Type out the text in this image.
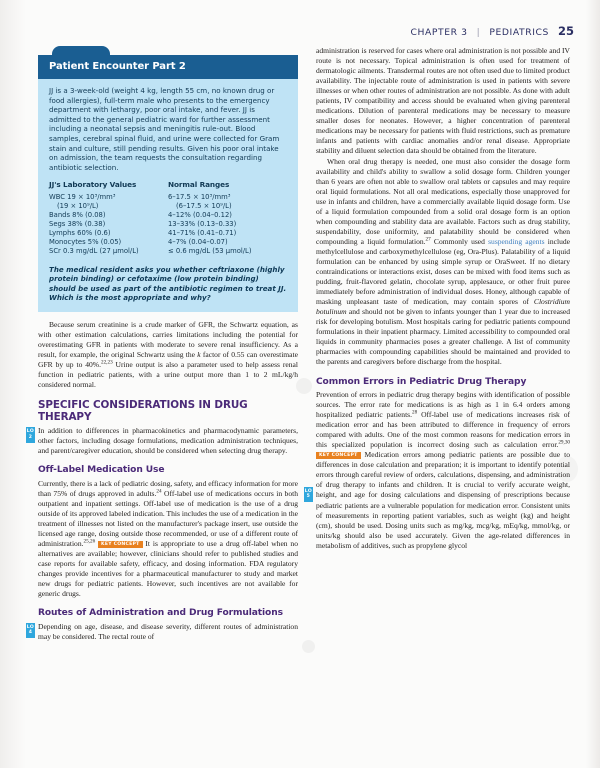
CHAPTER 3 | PEDIATRICS 25
Patient Encounter Part 2

JJ is a 3-week-old (weight 4 kg, length 55 cm, no known drug or food allergies), full-term male who presents to the emergency department with lethargy, poor oral intake, and fever. JJ is admitted to the general pediatric ward for further assessment including a neonatal sepsis and meningitis rule-out. Blood samples, cerebral spinal fluid, and urine were collected for Gram stain and culture, still pending results. Given his poor oral intake on admission, the team requests the consultation regarding antibiotic selection.

JJ's Laboratory Values
WBC 19 × 10³/mm³
(19 × 10⁹/L)
Bands 8% (0.08)
Segs 38% (0.38)
Lymphs 60% (0.6)
Monocytes 5% (0.05)
SCr 0.3 mg/dL (27 µmol/L)
Normal Ranges
6–17.5 × 10³/mm³
(6–17.5 × 10⁹/L)
4–12% (0.04–0.12)
13–33% (0.13–0.33)
41–71% (0.41–0.71)
4–7% (0.04–0.07)
≤ 0.6 mg/dL (53 µmol/L)
The medical resident asks you whether ceftriaxone (highly protein binding) or cefotaxime (low protein binding) should be used as part of the antibiotic regimen to treat JJ. Which is the most appropriate and why?

Because serum creatinine is a crude marker of GFR, the Schwartz equation, as with other estimation calculations, carries limitations including the potential for overestimating GFR in patients with moderate to severe renal insufficiency. As a result, for example, the original Schwartz using the k factor of 0.55 can overestimate GFR by up to 40%.$^{22,23}$ Urine output is also a parameter used to help assess renal function in pediatric patients, with a urine output more than 1 to 2 mL/kg/h considered normal.

SPECIFIC CONSIDERATIONS IN DRUG THERAPY
LO
2

In addition to differences in pharmacokinetics and pharmacodynamic parameters, other factors, including dosage formulations, medication administration techniques, and parent/caregiver education, should be considered when selecting drug therapy.

Off-Label Medication Use

Currently, there is a lack of pediatric dosing, safety, and efficacy information for more than 75% of drugs approved in adults.$^{24}$ Off-label use of medications occurs in both outpatient and inpatient settings. Off-label use of medication is the use of a drug outside of its approved labeled indication. This includes the use of a medication in the treatment of illnesses not listed on the manufacturer's package insert, use outside the licensed age range, dosing outside those recommended, or use of a different route of administration.$^{25,26}$ KEY CONCEPT It is appropriate to use a drug off-label when no alternatives are available; however, clinicians should refer to published studies and case reports for available safety, efficacy, and dosing information. FDA regulatory changes provide incentives for a pharmaceutical manufacturer to study and market new drugs for pediatric patients. However, such incentives are not available for generic drugs.

Routes of Administration and Drug Formulations
LO
4

Depending on age, disease, and disease severity, different routes of administration may be considered. The rectal route of

administration is reserved for cases where oral administration is not possible and IV route is not necessary. Topical administration is often used for treatment of dermatologic ailments. Transdermal routes are not often used due to limited product availability. The injectable route of administration is used in patients with severe illnesses or when other routes of administration are not possible. As done with adult patients, IV compatibility and access should be evaluated when giving parenteral medications. Dilution of parenteral medications may be necessary to measure smaller doses for neonates. However, a higher concentration of parenteral medications may be necessary for patients with fluid restrictions, such as premature infants and patients with cardiac anomalies and/or renal disease. Appropriate stability and diluent selection data should be obtained from the literature.

When oral drug therapy is needed, one must also consider the dosage form availability and child's ability to swallow a solid dosage form. Children younger than 6 years are often not able to swallow oral tablets or capsules and may require oral liquid formulations. Not all oral medications, especially those unapproved for use in infants and children, have a commercially available liquid dosage form. Use of a liquid formulation compounded from a solid oral dosage form is an option when compounding and stability data are available. Factors such as drug stability, suspendability, dose uniformity, and palatability should be considered when compounding a liquid formulation.$^{27}$ Commonly used suspending agents include methylcellulose and carboxymethylcellulose (eg, Ora-Plus). Palatability of a liquid formulation can be enhanced by using simple syrup or OraSweet. If no dietary contraindications or interactions exist, doses can be mixed with food items such as pudding, fruit-flavored gelatin, chocolate syrup, applesauce, or other fruit puree immediately before administration of individual doses. Honey, although capable of masking unpleasant taste of medication, may contain spores of Clostridium botulinum and should not be given to infants younger than 1 year due to increased risk for developing botulism. Most hospitals caring for pediatric patients compound formulations in their inpatient pharmacy. Limited accessibility to compounded oral liquids in community pharmacies poses a greater challenge. A list of community pharmacies with compounding capabilities should be maintained and provided to the parents and caregivers before discharge from the hospital.

Common Errors in Pediatric Drug Therapy
LO
5

Prevention of errors in pediatric drug therapy begins with identification of possible sources. The error rate for medications is as high as 1 in 6.4 orders among hospitalized pediatric patients.$^{28}$ Off-label use of medications increases risk of medication error and has been attributed to difference in frequency of errors compared with adults. One of the most common reasons for medication errors in this specialized population is incorrect dosing such as calculation error.$^{29,30}$ KEY CONCEPT Medication errors among pediatric patients are possible due to differences in dose calculation and preparation; it is important to identify potential errors through careful review of orders, calculations, dispensing, and administration of drug therapy to infants and children. It is crucial to verify accurate weight, height, and age for dosing calculations and dispensing of prescriptions because pediatric patients are a vulnerable population for medication error. Consistent units of measurements in reporting patient variables, such as weight (kg) and height (cm), should be used. Dosing units such as mg/kg, mcg/kg, mEq/kg, mmol/kg, or units/kg should also be used accurately. Given the age-related differences in metabolism of additives, such as propylene glycol
